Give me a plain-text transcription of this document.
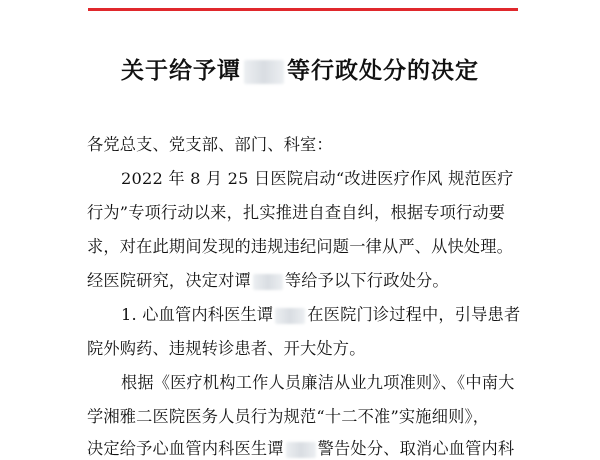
关于给予谭 等行政处分的决定
各党总支、党支部、部门、科室：
2022 年 8 月 25 日医院启动“改进医疗作风 规范医疗
行为”专项行动以来，扎实推进自查自纠，根据专项行动要
求，对在此期间发现的违规违纪问题一律从严、从快处理。
经医院研究，决定对谭 等给予以下行政处分。
1. 心血管内科医生谭 在医院门诊过程中，引导患者
院外购药、违规转诊患者、开大处方。
根据《医疗机构工作人员廉洁从业九项准则》、《中南大
学湘雅二医院医务人员行为规范“十二不准”实施细则》，
决定给予心血管内科医生谭 警告处分、取消心血管内科
